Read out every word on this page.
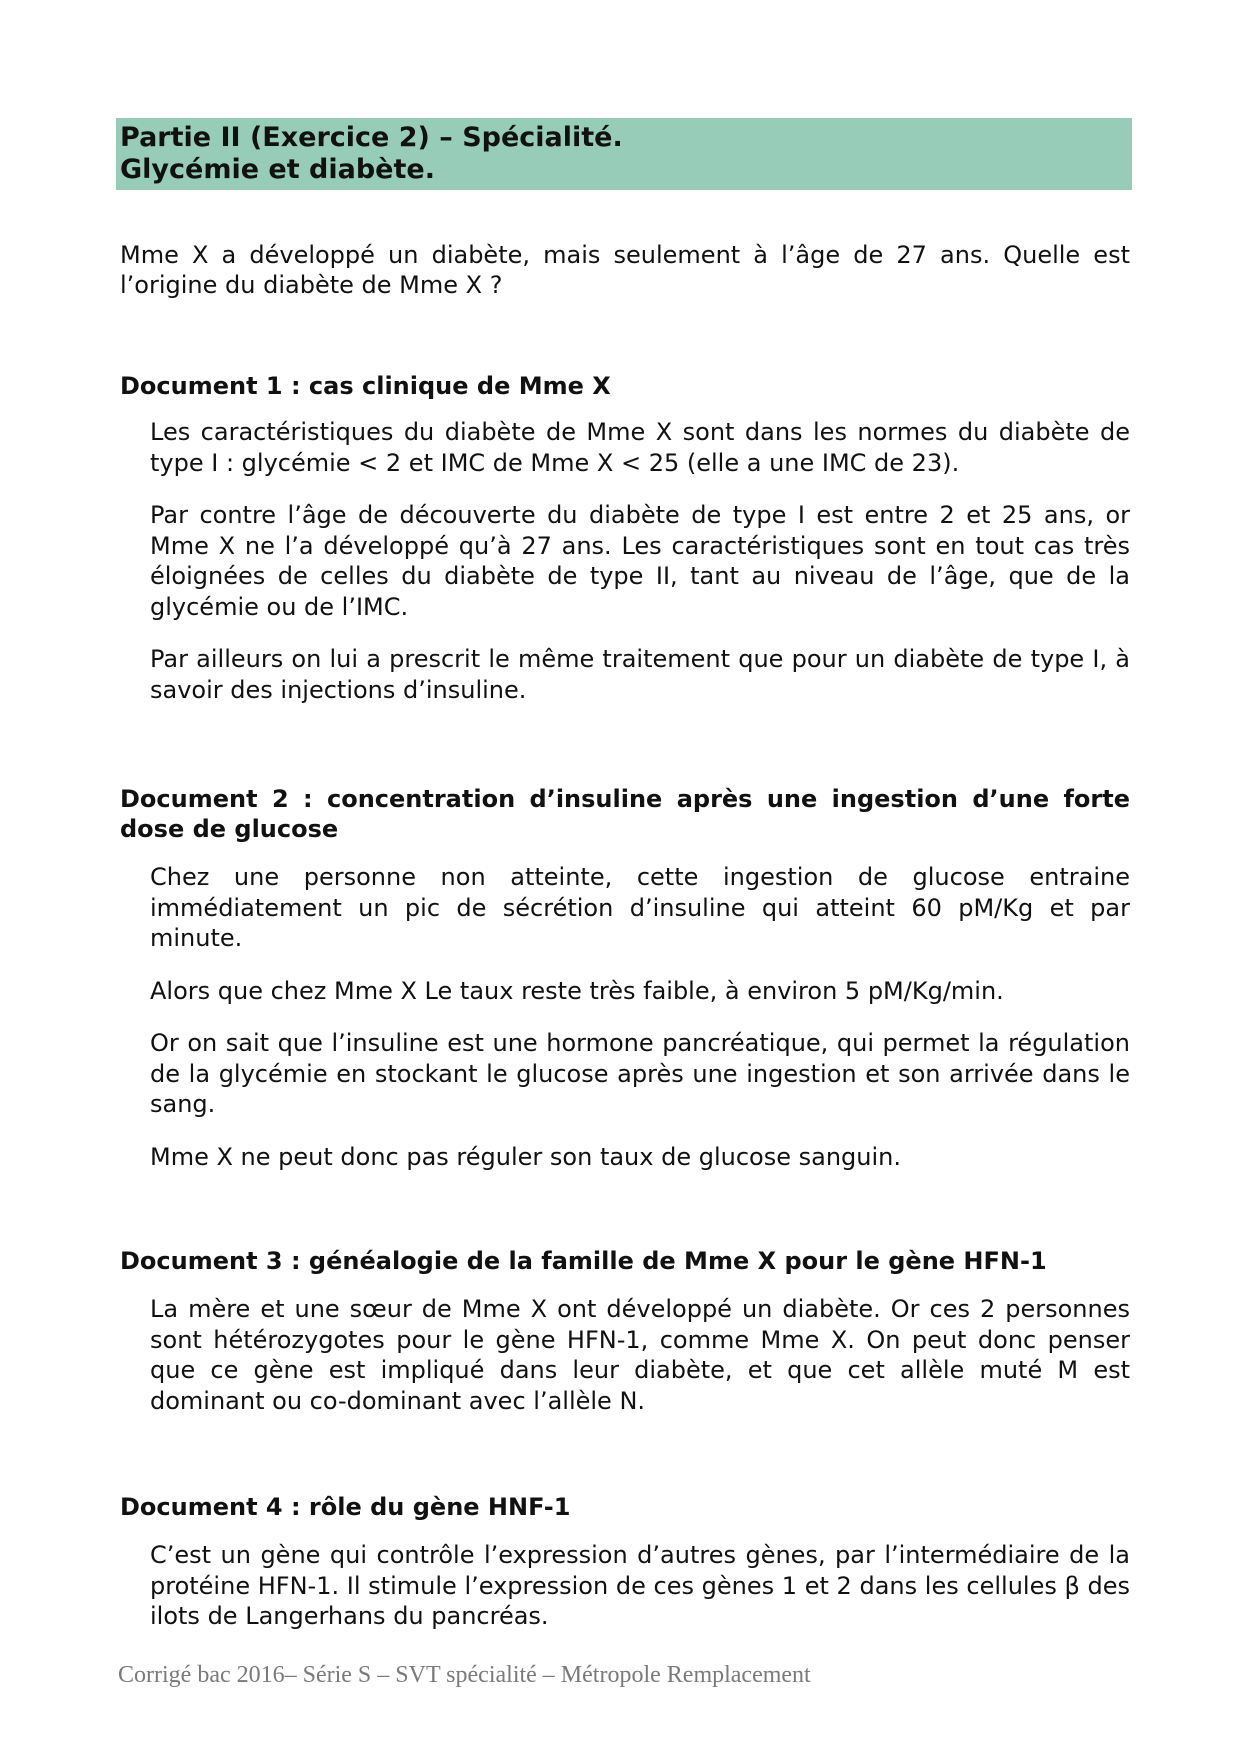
Partie II (Exercice 2) – Spécialité.

Glycémie et diabète.

Mme X a développé un diabète, mais seulement à l’âge de 27 ans. Quelle est l’origine du diabète de Mme X ?

Document 1 : cas clinique de Mme X

Les caractéristiques du diabète de Mme X sont dans les normes du diabète de type I : glycémie < 2 et IMC de Mme X < 25 (elle a une IMC de 23).

Par contre l’âge de découverte du diabète de type I est entre 2 et 25 ans, or Mme X ne l’a développé qu’à 27 ans. Les caractéristiques sont en tout cas très éloignées de celles du diabète de type II, tant au niveau de l’âge, que de la glycémie ou de l’IMC.

Par ailleurs on lui a prescrit le même traitement que pour un diabète de type I, à savoir des injections d’insuline.

Document 2 : concentration d’insuline après une ingestion d’une forte dose de glucose

Chez une personne non atteinte, cette ingestion de glucose entraine immédiatement un pic de sécrétion d’insuline qui atteint 60 pM/Kg et par minute.

Alors que chez Mme X Le taux reste très faible, à environ 5 pM/Kg/min.

Or on sait que l’insuline est une hormone pancréatique, qui permet la régulation de la glycémie en stockant le glucose après une ingestion et son arrivée dans le sang.

Mme X ne peut donc pas réguler son taux de glucose sanguin.

Document 3 : généalogie de la famille de Mme X pour le gène HFN-1

La mère et une sœur de Mme X ont développé un diabète. Or ces 2 personnes sont hétérozygotes pour le gène HFN-1, comme Mme X. On peut donc penser que ce gène est impliqué dans leur diabète, et que cet allèle muté M est dominant ou co-dominant avec l’allèle N.

Document 4 : rôle du gène HNF-1

C’est un gène qui contrôle l’expression d’autres gènes, par l’intermédiaire de la protéine HFN-1. Il stimule l’expression de ces gènes 1 et 2 dans les cellules β des ilots de Langerhans du pancréas.

Corrigé bac 2016– Série S – SVT spécialité – Métropole Remplacement
